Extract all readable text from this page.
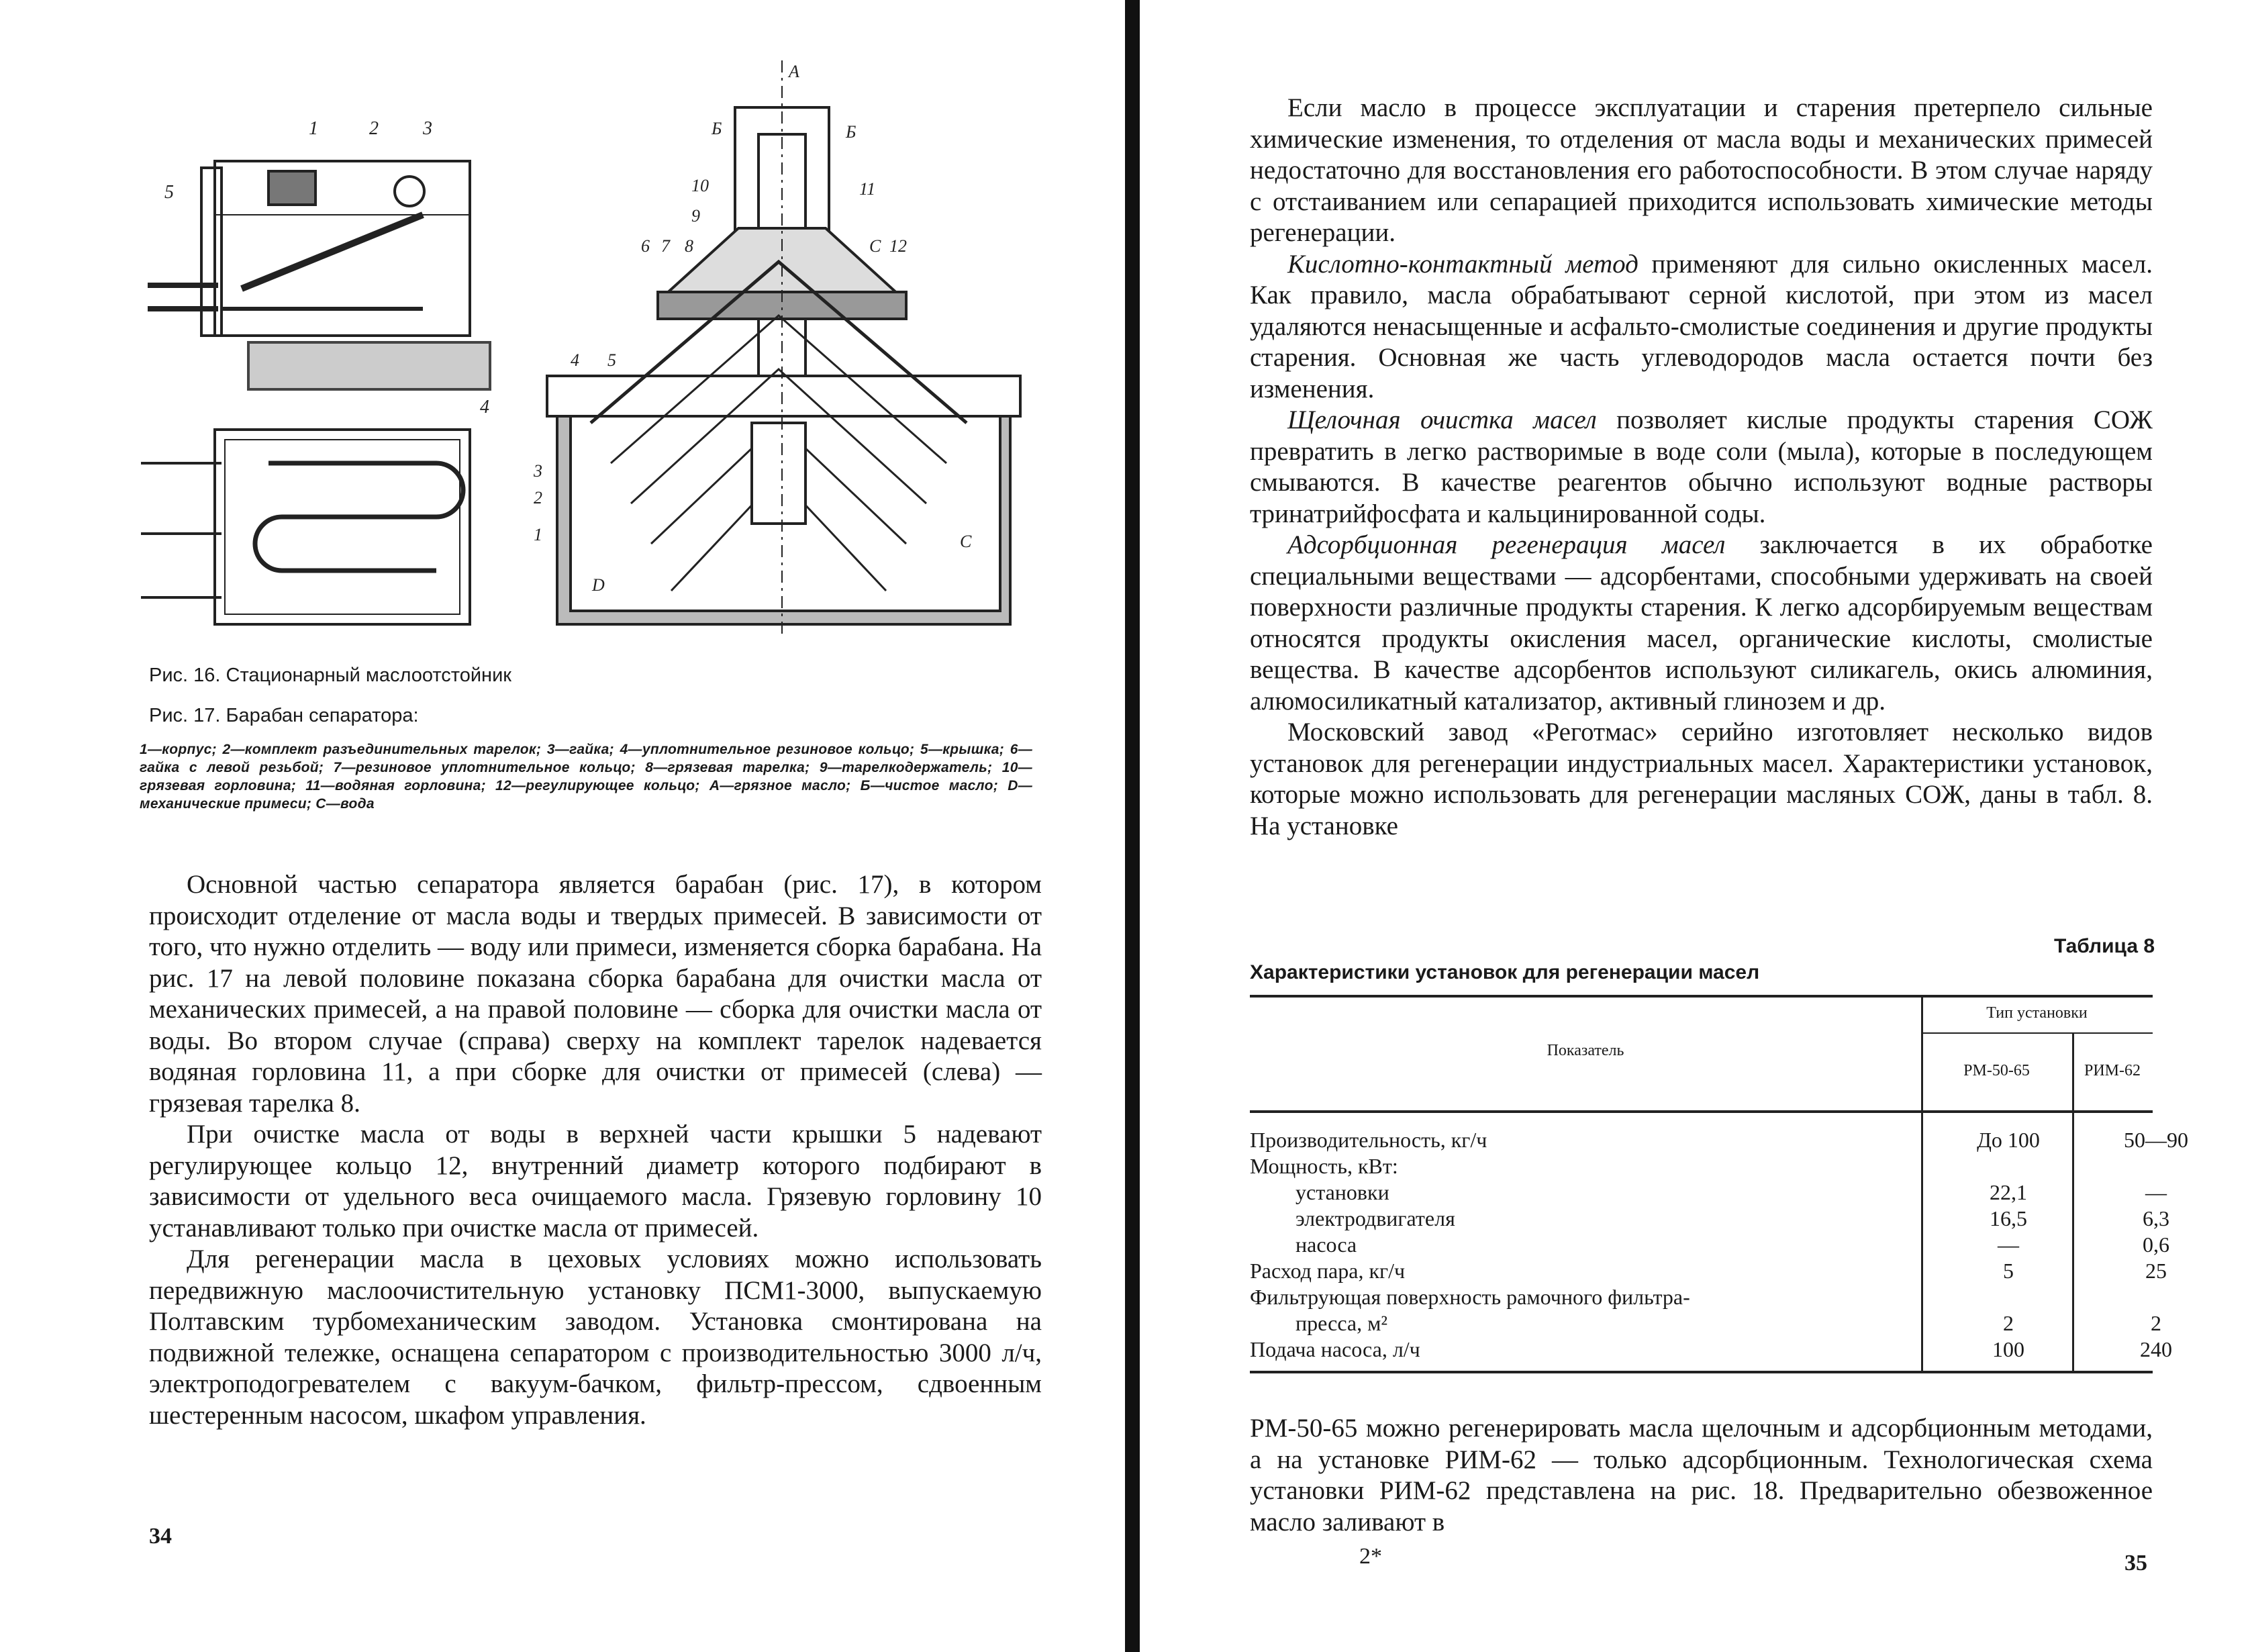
1	2 3
4
5
А
Б	Б
10	11
9
6 7 8	С 12
4 5
3
2
1
D
С
Рис. 16. Стационарный маслоотстойник
Рис. 17. Барабан сепаратора:
1—корпус; 2—комплект разъединительных тарелок; 3—гайка; 4—уплотнительное резиновое кольцо; 5—крышка; 6—гайка с левой резьбой; 7—резиновое уплотнительное кольцо; 8—грязевая тарелка; 9—тарелкодержатель; 10—грязевая горловина; 11—водяная горловина; 12—регулирующее кольцо; А—грязное масло; Б—чистое масло; D—механические примеси; С—вода

Основной частью сепаратора является барабан (рис. 17), в котором происходит отделение от масла воды и твердых примесей. В зависимости от того, что нужно отделить — воду или примеси, изменяется сборка барабана. На рис. 17 на левой половине показана сборка барабана для очистки масла от механических примесей, а на правой половине — сборка для очистки масла от воды. Во втором случае (справа) сверху на комплект тарелок надевается водяная горловина 11, а при сборке для очистки от примесей (слева) — грязевая тарелка 8.

При очистке масла от воды в верхней части крышки 5 надевают регулирующее кольцо 12, внутренний диаметр которого подбирают в зависимости от удельного веса очищаемого масла. Грязевую горловину 10 устанавливают только при очистке масла от примесей.

Для регенерации масла в цеховых условиях можно использовать передвижную маслоочистительную установку ПСМ1-3000, выпускаемую Полтавским турбомеханическим заводом. Установка смонтирована на подвижной тележке, оснащена сепаратором с производительностью 3000 л/ч, электроподогревателем с вакуум-бачком, фильтр-прессом, сдвоенным шестеренным насосом, шкафом управления.

34

Если масло в процессе эксплуатации и старения претерпело сильные химические изменения, то отделения от масла воды и механических примесей недостаточно для восстановления его работоспособности. В этом случае наряду с отстаиванием или сепарацией приходится использовать химические методы регенерации.

Кислотно-контактный метод применяют для сильно окисленных масел. Как правило, масла обрабатывают серной кислотой, при этом из масел удаляются ненасыщенные и асфальто-смолистые соединения и другие продукты старения. Основная же часть углеводородов масла остается почти без изменения.

Щелочная очистка масел позволяет кислые продукты старения СОЖ превратить в легко растворимые в воде соли (мыла), которые в последующем смываются. В качестве реагентов обычно используют водные растворы тринатрийфосфата и кальцинированной соды.

Адсорбционная регенерация масел заключается в их обработке специальными веществами — адсорбентами, способными удерживать на своей поверхности различные продукты старения. К легко адсорбируемым веществам относятся продукты окисления масел, органические кислоты, смолистые вещества. В качестве адсорбентов используют силикагель, окись алюминия, алюмосиликатный катализатор, активный глинозем и др.

Московский завод «Реготмас» серийно изготовляет несколько видов установок для регенерации индустриальных масел. Характеристики установок, которые можно использовать для регенерации масляных СОЖ, даны в табл. 8. На установке

Таблица 8
Характеристики установок для регенерации масел
Показатель
Тип установки
РМ-50-65	РИМ-62
Производительность, кг/ч	До 100	50—90
Мощность, кВт:
установки	22,1	—
электродвигателя	16,5	6,3
насоса	—	0,6
Расход пара, кг/ч	5	25
Фильтрующая поверхность рамочного фильтра-
пресса, м²	2	2
Подача насоса, л/ч	100	240

РМ-50-65 можно регенерировать масла щелочным и адсорбционным методами, а на установке РИМ-62 — только адсорбционным. Технологическая схема установки РИМ-62 представлена на рис. 18. Предварительно обезвоженное масло заливают в

2*	35
